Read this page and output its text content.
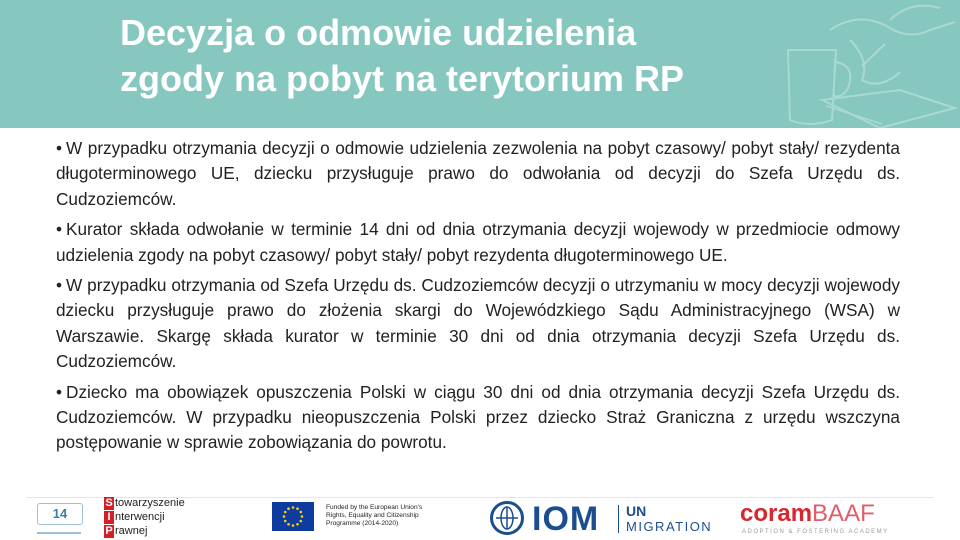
Decyzja o odmowie udzielenia
zgody na pobyt na terytorium RP

• W przypadku otrzymania decyzji o odmowie udzielenia zezwolenia na pobyt czasowy/ pobyt stały/ rezydenta długoterminowego UE, dziecku przysługuje prawo do odwołania od decyzji do Szefa Urzędu ds. Cudzoziemców.

• Kurator składa odwołanie w terminie 14 dni od dnia otrzymania decyzji wojewody w przedmiocie odmowy udzielenia zgody na pobyt czasowy/ pobyt stały/ pobyt rezydenta długoterminowego UE.

• W przypadku otrzymania od Szefa Urzędu ds. Cudzoziemców decyzji o utrzymaniu w mocy decyzji wojewody dziecku przysługuje prawo do złożenia skargi do Wojewódzkiego Sądu Administracyjnego (WSA) w Warszawie. Skargę składa kurator w terminie 30 dni od dnia otrzymania decyzji Szefa Urzędu ds. Cudzoziemców.

• Dziecko ma obowiązek opuszczenia Polski w ciągu 30 dni od dnia otrzymania decyzji Szefa Urzędu ds. Cudzoziemców. W przypadku nieopuszczenia Polski przez dziecko Straż Graniczna z urzędu wszczyna postępowanie w sprawie zobowiązania do powrotu.

14
S towarzyszenie
I nterwencji
P rawnej
Funded by the European Union's
Rights, Equality and Citizenship
Programme (2014-2020)	IOM UN
MIGRATION coramBAAF
ADOPTION & FOSTERING ACADEMY
